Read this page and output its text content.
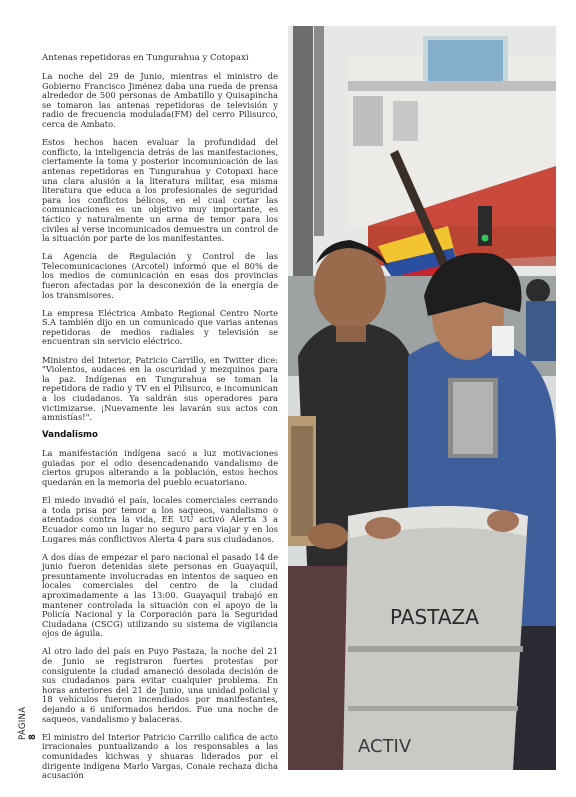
Antenas repetidoras en Tungurahua y Cotopaxi

La noche del 29 de Junio, mientras el ministro de Gobierno Francisco Jiménez daba una rueda de prensa alrededor de 500 personas de Ambatillo y Quisapincha se tomaron las antenas repetidoras de televisión y radio de frecuencia modulada(FM) del cerro Pilisurco, cerca de Ambato.

Estos hechos hacen evaluar la profundidad del conflicto, la inteligencia detrás de las manifestaciones, ciertamente la toma y posterior incomunicación de las antenas repetidoras en Tungurahua y Cotopaxi hace una clara alusión a la literatura militar, esa misma literatura que educa a los profesionales de seguridad para los conflictos bélicos, en el cual cortar las comunicaciones es un objetivo muy importante, es táctico y naturalmente un arma de temor para los civiles al verse incomunicados demuestra un control de la situación por parte de los manifestantes.

La Agencia de Regulación y Control de las Telecomunicaciones (Arcotel) informó que el 80% de los medios de comunicación en esas dos provincias fueron afectadas por la desconexión de la energía de los transmisores.

La empresa Eléctrica Ambato Regional Centro Norte S.A también dijo en un comunicado que varias antenas repetidoras de medios radiales y televisión se encuentran sin servicio eléctrico.

Ministro del Interior, Patricio Carrillo, en Twitter dice: "Violentos, audaces en la oscuridad y mezquinos para la paz. Indígenas en Tungurahua se toman la repetidora de radio y TV en el Pilisurco, e incomunican a los ciudadanos. Ya saldrán sus operadores para victimizarse. ¡Nuevamente les lavarán sus actos con amnistías!".

Vandalismo

La manifestación indígena sacó a luz motivaciones guiadas por el odio desencadenando vandalismo de ciertos grupos alterando a la población, estos hechos quedarán en la memoria del pueblo ecuatoriano.

El miedo invadió el país, locales comerciales cerrando a toda prisa por temor a los saqueos, vandalismo o atentados contra la vida, EE UU activó Alerta 3 a Ecuador como un lugar no seguro para viajar y en los Lugares más conflictivos Alerta 4 para sus ciudadanos.

A dos días de empezar el paro nacional el pasado 14 de junio fueron detenidas siete personas en Guayaquil, presuntamente involucradas en intentos de saqueo en locales comerciales del centro de la ciudad aproximadamente a las 13:00. Guayaquil trabajó en mantener controlada la situación con el apoyo de la Policía Nacional y la Corporación para la Seguridad Ciudadana (CSCG) utilizando su sistema de vigilancia ojos de águila.

Al otro lado del país en Puyo Pastaza, la noche del 21 de Junio se registraron fuertes protestas por consiguiente la ciudad amaneció desolada decisión de sus ciudadanos para evitar cualquier problema. En horas anteriores del 21 de Junio, una unidad policial y 18 vehículos fueron incendiados por manifestantes, dejando a 6 uniformados heridos. Fue una noche de saqueos, vandalismo y balaceras.

El ministro del Interior Patricio Carrillo califica de acto irracionales puntualizando a los responsables a las comunidades kichwas y shuaras liderados por el dirigente indígena Marlo Vargas, Conaie rechaza dicha acusación

PÁGINA 8
PASTAZA
ACTIV
